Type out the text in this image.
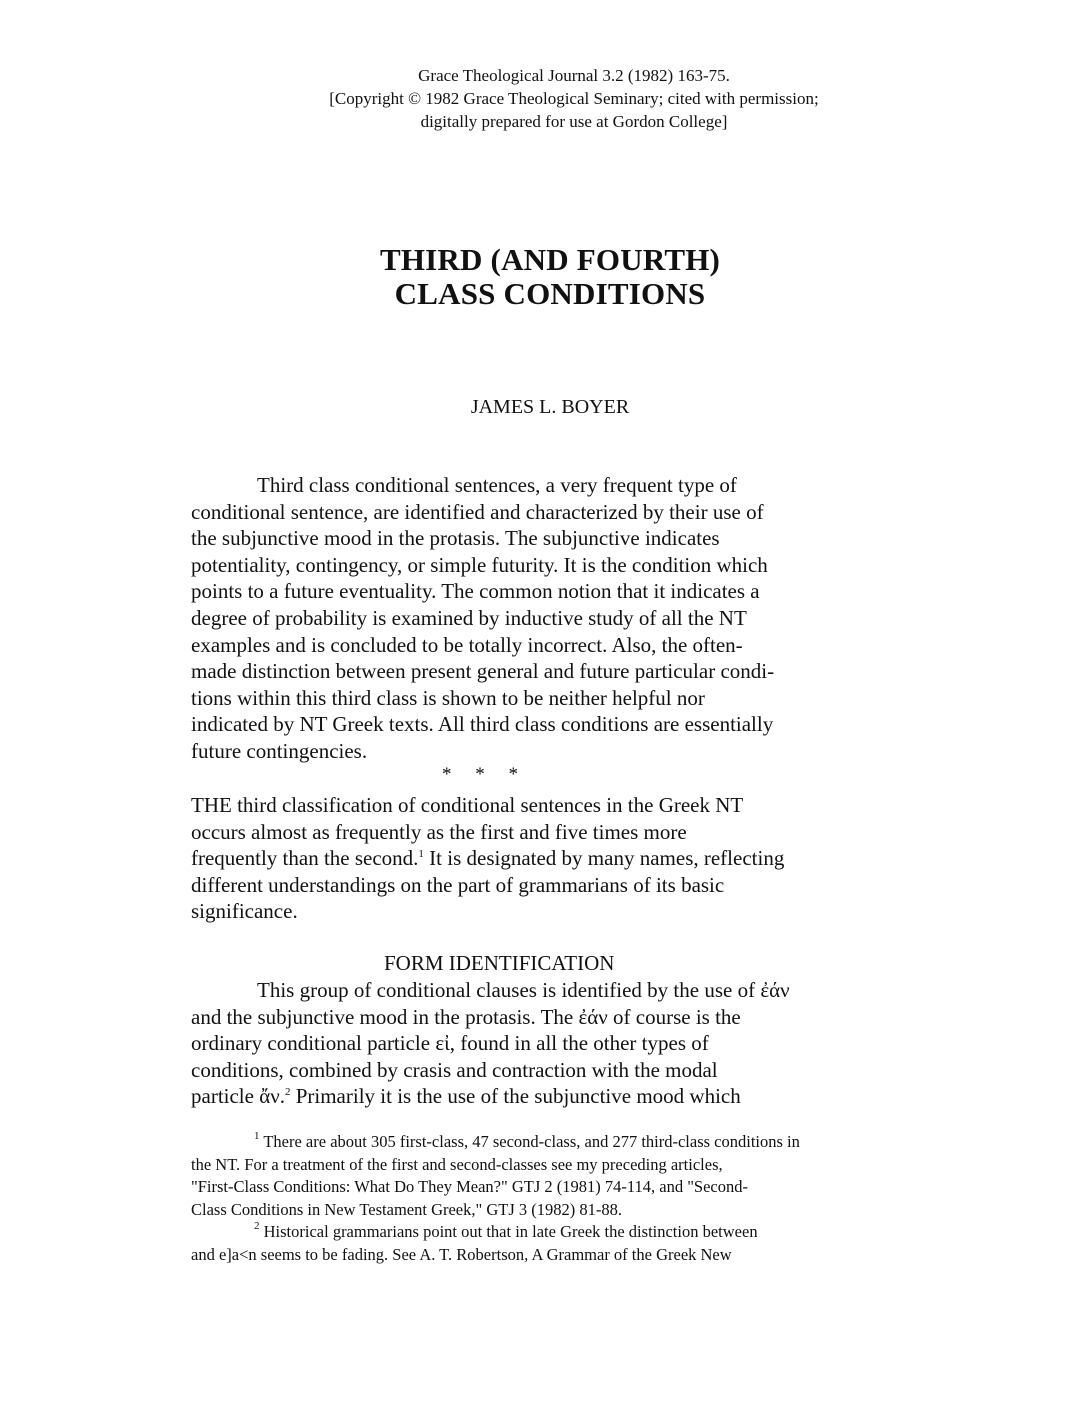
Grace Theological Journal 3.2 (1982) 163-75.
[Copyright © 1982 Grace Theological Seminary; cited with permission;
digitally prepared for use at Gordon College]
THIRD (AND FOURTH)
CLASS CONDITIONS
JAMES L. BOYER
Third class conditional sentences, a very frequent type of
conditional sentence, are identified and characterized by their use of
the subjunctive mood in the protasis. The subjunctive indicates
potentiality, contingency, or simple futurity. It is the condition which
points to a future eventuality. The common notion that it indicates a
degree of probability is examined by inductive study of all the NT
examples and is concluded to be totally incorrect. Also, the often-
made distinction between present general and future particular condi-
tions within this third class is shown to be neither helpful nor
indicated by NT Greek texts. All third class conditions are essentially
future contingencies.
*     *     *
THE third classification of conditional sentences in the Greek NT
occurs almost as frequently as the first and five times more
frequently than the second.$^1$ It is designated by many names, reflecting
different understandings on the part of grammarians of its basic
significance.
FORM IDENTIFICATION
This group of conditional clauses is identified by the use of ἐάν
and the subjunctive mood in the protasis. The ἐάν of course is the
ordinary conditional particle εἰ, found in all the other types of
conditions, combined by crasis and contraction with the modal
particle ἄν.$^2$ Primarily it is the use of the subjunctive mood which
$^1$ There are about 305 first-class, 47 second-class, and 277 third-class conditions in
the NT. For a treatment of the first and second-classes see my preceding articles,
"First-Class Conditions: What Do They Mean?" GTJ 2 (1981) 74-114, and "Second-
Class Conditions in New Testament Greek," GTJ 3 (1982) 81-88.
$^2$ Historical grammarians point out that in late Greek the distinction between
and e]a<n seems to be fading. See A. T. Robertson, A Grammar of the Greek New
